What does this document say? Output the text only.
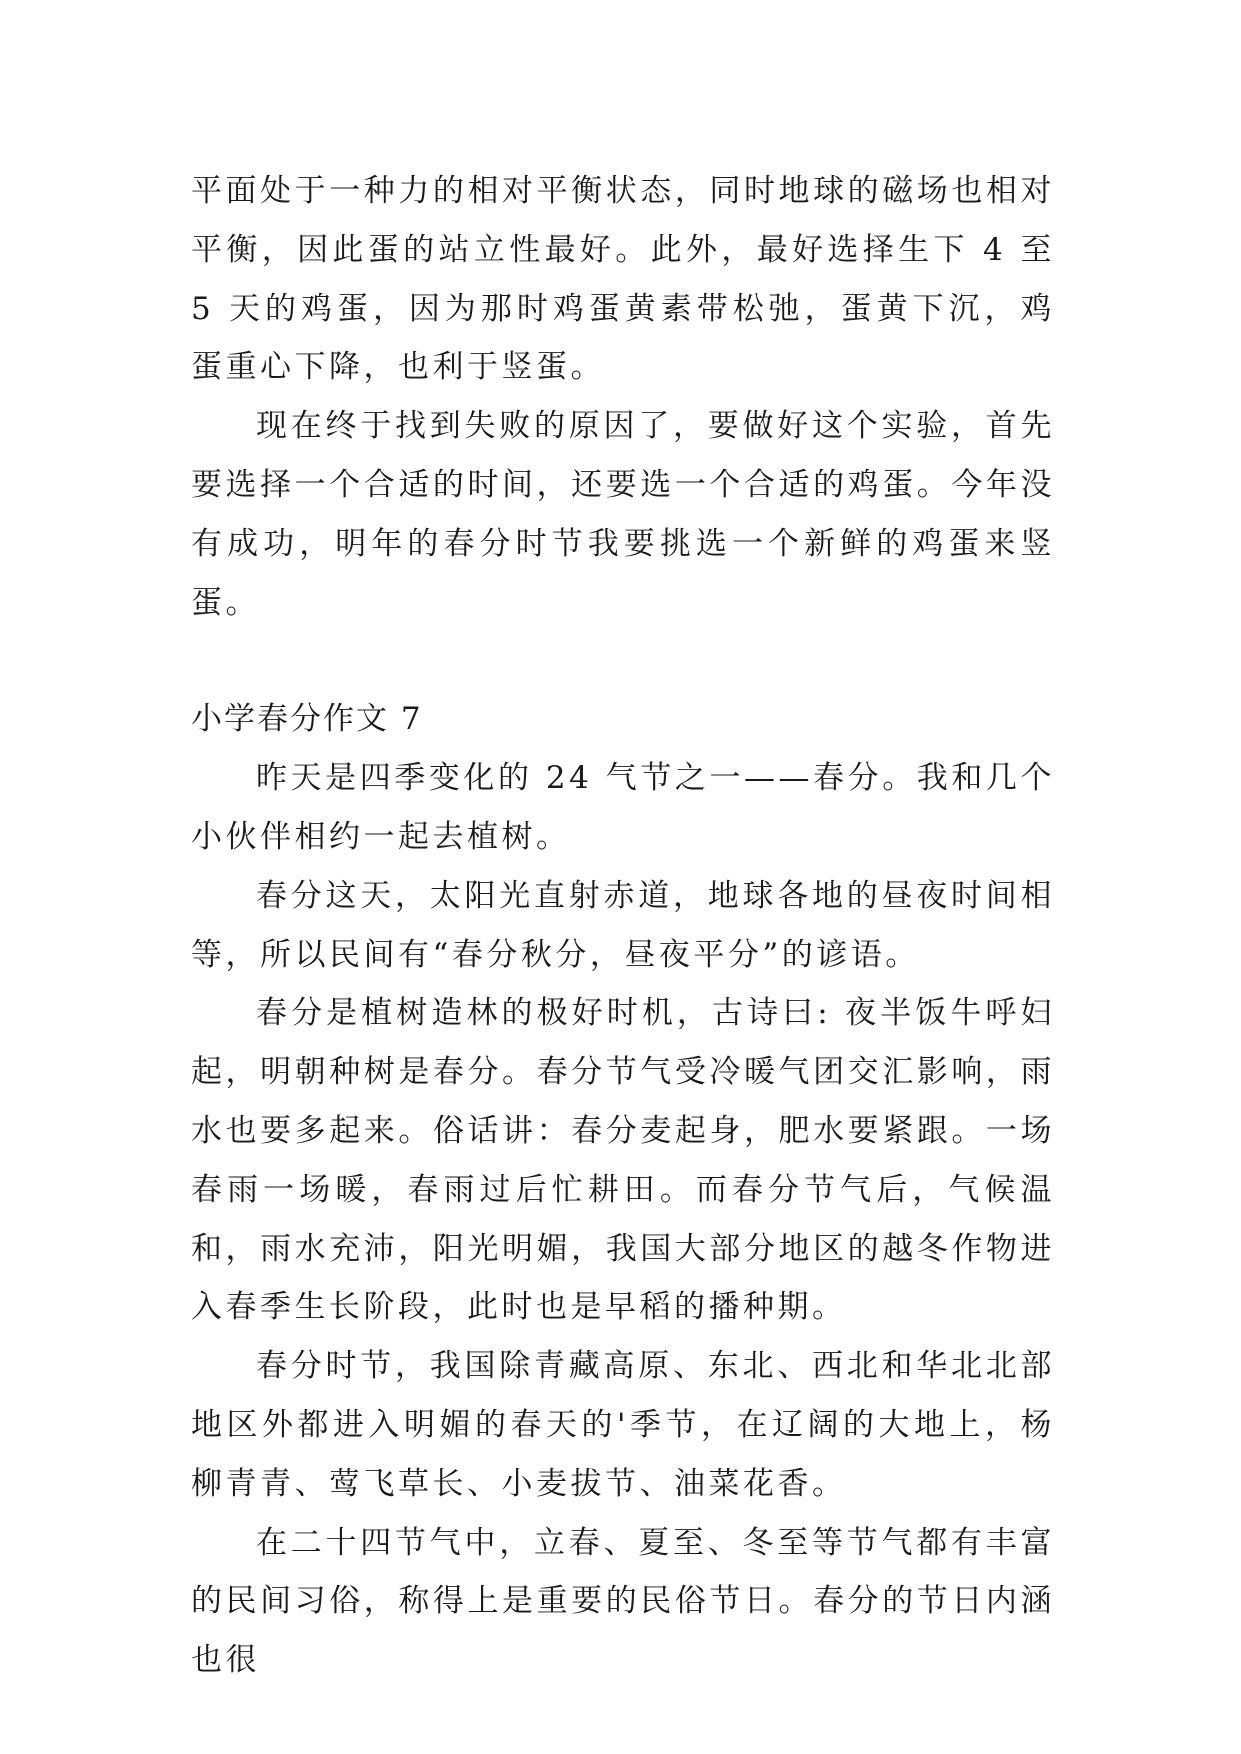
平面处于一种力的相对平衡状态，同时地球的磁场也相对平衡，因此蛋的站立性最好。此外，最好选择生下 4 至 5 天的鸡蛋，因为那时鸡蛋黄素带松弛，蛋黄下沉，鸡蛋重心下降，也利于竖蛋。

现在终于找到失败的原因了，要做好这个实验，首先要选择一个合适的时间，还要选一个合适的鸡蛋。今年没有成功，明年的春分时节我要挑选一个新鲜的鸡蛋来竖蛋。

小学春分作文 7

昨天是四季变化的 24 气节之一——春分。我和几个小伙伴相约一起去植树。

春分这天，太阳光直射赤道，地球各地的昼夜时间相等，所以民间有“春分秋分，昼夜平分”的谚语。

春分是植树造林的极好时机，古诗曰: 夜半饭牛呼妇起，明朝种树是春分。春分节气受冷暖气团交汇影响，雨水也要多起来。俗话讲：春分麦起身，肥水要紧跟。一场春雨一场暖，春雨过后忙耕田。而春分节气后，气候温和，雨水充沛，阳光明媚，我国大部分地区的越冬作物进入春季生长阶段，此时也是早稻的播种期。

春分时节，我国除青藏高原、东北、西北和华北北部地区外都进入明媚的春天的'季节，在辽阔的大地上，杨柳青青、莺飞草长、小麦拔节、油菜花香。

在二十四节气中，立春、夏至、冬至等节气都有丰富的民间习俗，称得上是重要的民俗节日。春分的节日内涵也很
